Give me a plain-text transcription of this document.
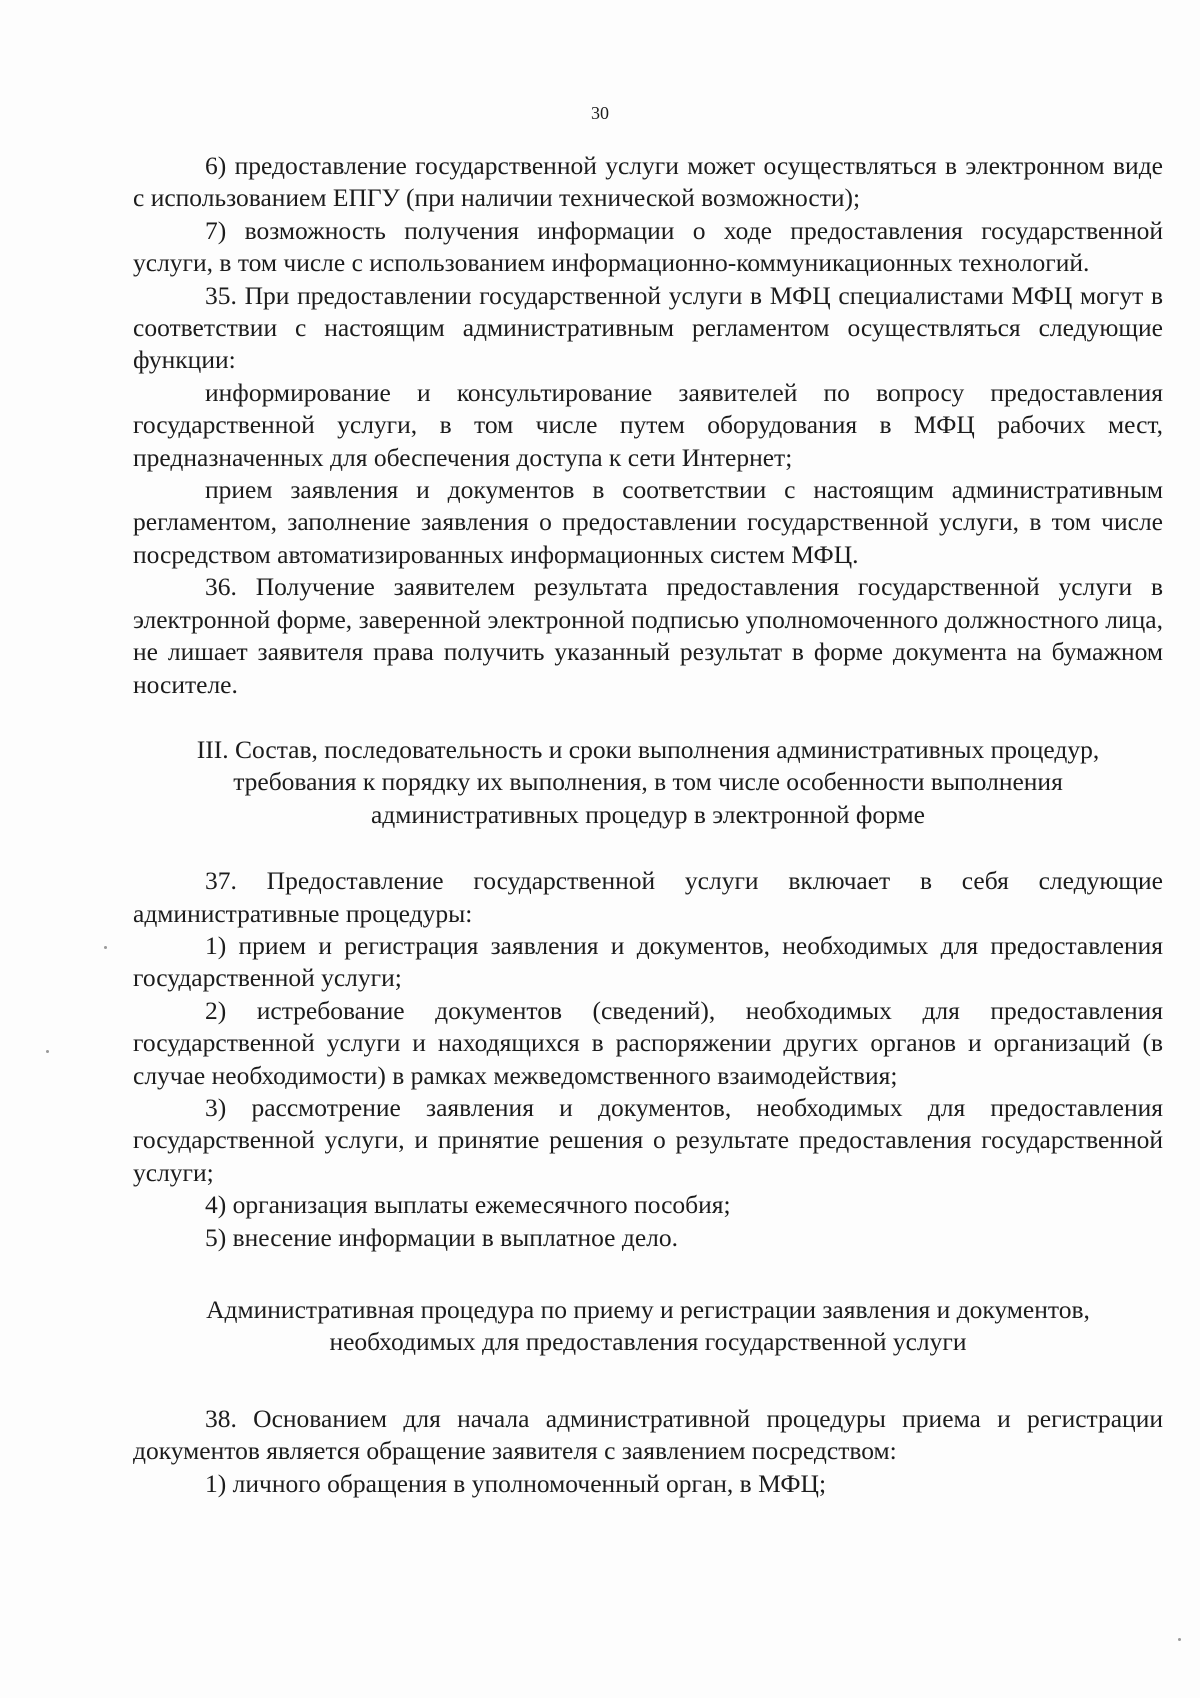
30

6) предоставление государственной услуги может осуществляться в электронном виде с использованием ЕПГУ (при наличии технической возможности);

7) возможность получения информации о ходе предоставления государственной услуги, в том числе с использованием информационно-коммуникационных технологий.

35. При предоставлении государственной услуги в МФЦ специалистами МФЦ могут в соответствии с настоящим административным регламентом осуществляться следующие функции:

информирование и консультирование заявителей по вопросу предоставления государственной услуги, в том числе путем оборудования в МФЦ рабочих мест, предназначенных для обеспечения доступа к сети Интернет;

прием заявления и документов в соответствии с настоящим административным регламентом, заполнение заявления о предоставлении государственной услуги, в том числе посредством автоматизированных информационных систем МФЦ.

36. Получение заявителем результата предоставления государственной услуги в электронной форме, заверенной электронной подписью уполномоченного должностного лица, не лишает заявителя права получить указанный результат в форме документа на бумажном носителе.

III. Состав, последовательность и сроки выполнения административных процедур,
требования к порядку их выполнения, в том числе особенности выполнения
административных процедур в электронной форме

37. Предоставление государственной услуги включает в себя следующие административные процедуры:

1) прием и регистрация заявления и документов, необходимых для предоставления государственной услуги;

2) истребование документов (сведений), необходимых для предоставления государственной услуги и находящихся в распоряжении других органов и организаций (в случае необходимости) в рамках межведомственного взаимодействия;

3) рассмотрение заявления и документов, необходимых для предоставления государственной услуги, и принятие решения о результате предоставления государственной услуги;

4) организация выплаты ежемесячного пособия;

5) внесение информации в выплатное дело.

Административная процедура по приему и регистрации заявления и документов,
необходимых для предоставления государственной услуги

38. Основанием для начала административной процедуры приема и регистрации документов является обращение заявителя с заявлением посредством:

1) личного обращения в уполномоченный орган, в МФЦ;
